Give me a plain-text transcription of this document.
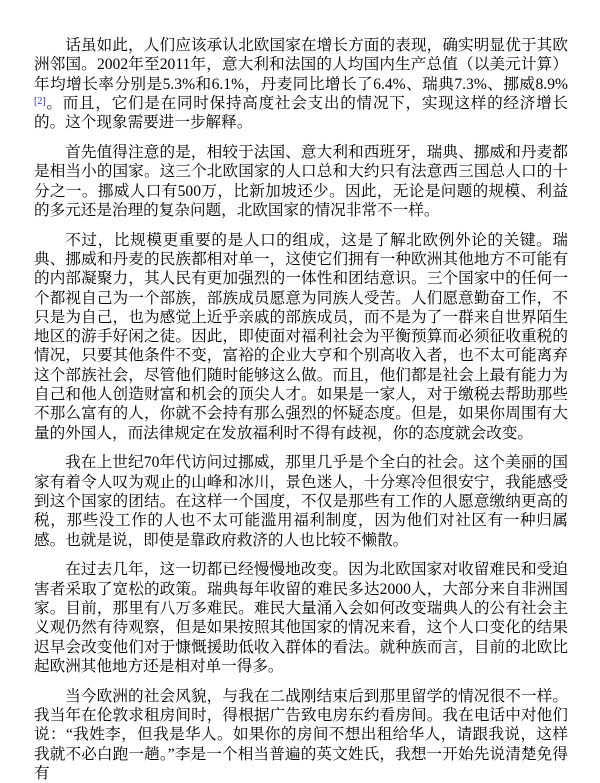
话虽如此，人们应该承认北欧国家在增长方面的表现，确实明显优于其欧洲邻国。2002年至2011年，意大利和法国的人均国内生产总值（以美元计算）年均增长率分别是5.3%和6.1%，丹麦同比增长了6.4%、瑞典7.3%、挪威8.9%[2]。而且，它们是在同时保持高度社会支出的情况下，实现这样的经济增长的。这个现象需要进一步解释。

首先值得注意的是，相较于法国、意大利和西班牙，瑞典、挪威和丹麦都是相当小的国家。这三个北欧国家的人口总和大约只有法意西三国总人口的十分之一。挪威人口有500万，比新加坡还少。因此，无论是问题的规模、利益的多元还是治理的复杂问题，北欧国家的情况非常不一样。

不过，比规模更重要的是人口的组成，这是了解北欧例外论的关键。瑞典、挪威和丹麦的民族都相对单一，这使它们拥有一种欧洲其他地方不可能有的内部凝聚力，其人民有更加强烈的一体性和团结意识。三个国家中的任何一个都视自己为一个部族，部族成员愿意为同族人受苦。人们愿意勤奋工作，不只是为自己，也为感觉上近乎亲戚的部族成员，而不是为了一群来自世界陌生地区的游手好闲之徒。因此，即使面对福利社会为平衡预算而必须征收重税的情况，只要其他条件不变，富裕的企业大亨和个别高收入者，也不太可能离弃这个部族社会，尽管他们随时能够这么做。而且，他们都是社会上最有能力为自己和他人创造财富和机会的顶尖人才。如果是一家人，对于缴税去帮助那些不那么富有的人，你就不会持有那么强烈的怀疑态度。但是，如果你周围有大量的外国人，而法律规定在发放福利时不得有歧视，你的态度就会改变。

我在上世纪70年代访问过挪威，那里几乎是个全白的社会。这个美丽的国家有着令人叹为观止的山峰和冰川，景色迷人，十分寒冷但很安宁，我能感受到这个国家的团结。在这样一个国度，不仅是那些有工作的人愿意缴纳更高的税，那些没工作的人也不太可能滥用福利制度，因为他们对社区有一种归属感。也就是说，即使是靠政府救济的人也比较不懒散。

在过去几年，这一切都已经慢慢地改变。因为北欧国家对收留难民和受迫害者采取了宽松的政策。瑞典每年收留的难民多达2000人，大部分来自非洲国家。目前，那里有八万多难民。难民大量涌入会如何改变瑞典人的公有社会主义观仍然有待观察，但是如果按照其他国家的情况来看，这个人口变化的结果迟早会改变他们对于慷慨援助低收入群体的看法。就种族而言，目前的北欧比起欧洲其他地方还是相对单一得多。

当今欧洲的社会风貌，与我在二战刚结束后到那里留学的情况很不一样。我当年在伦敦求租房间时，得根据广告致电房东约看房间。我在电话中对他们说：“我姓李，但我是华人。如果你的房间不想出租给华人，请跟我说，这样我就不必白跑一趟。”李是一个相当普遍的英文姓氏，我想一开始先说清楚免得有
